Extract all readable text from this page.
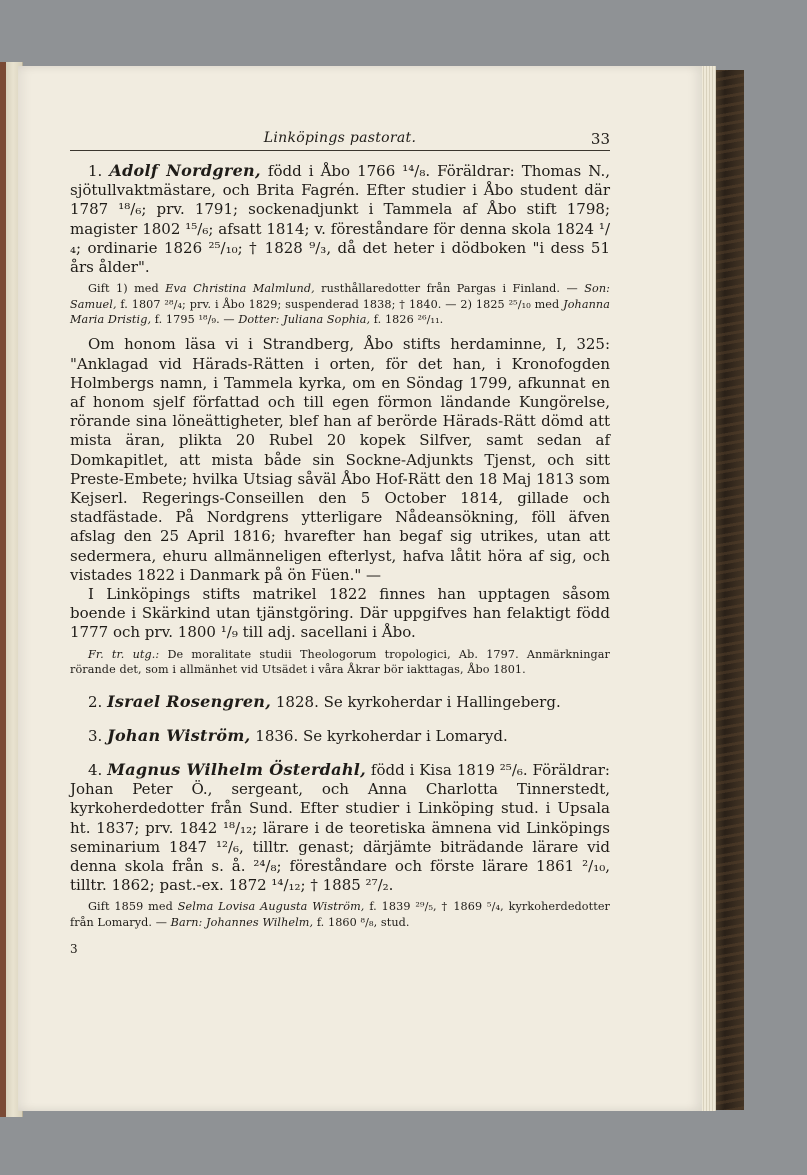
Linköpings pastorat.	33

1. Adolf Nordgren, född i Åbo 1766 ¹⁴/₈. Föräldrar: Thomas N., sjötullvaktmästare, och Brita Fagrén. Efter studier i Åbo student där 1787 ¹⁸/₆; prv. 1791; sockenadjunkt i Tammela af Åbo stift 1798; magister 1802 ¹⁵/₆; afsatt 1814; v. föreståndare för denna skola 1824 ¹/₄; ordinarie 1826 ²⁵/₁₀; † 1828 ⁹/₃, då det heter i dödboken "i dess 51 års ålder".

Gift 1) med Eva Christina Malmlund, rusthållaredotter från Pargas i Finland. — Son: Samuel, f. 1807 ²⁸/₄; prv. i Åbo 1829; suspenderad 1838; † 1840. — 2) 1825 ²⁵/₁₀ med Johanna Maria Dristig, f. 1795 ¹⁸/₉. — Dotter: Juliana Sophia, f. 1826 ²⁶/₁₁.

Om honom läsa vi i Strandberg, Åbo stifts herdaminne, I, 325: "Anklagad vid Härads-Rätten i orten, för det han, i Kronofogden Holmbergs namn, i Tammela kyrka, om en Söndag 1799, afkunnat en af honom sjelf författad och till egen förmon ländande Kungörelse, rörande sina löneättigheter, blef han af berörde Härads-Rätt dömd att mista äran, plikta 20 Rubel 20 kopek Silfver, samt sedan af Domkapitlet, att mista både sin Sockne-Adjunkts Tjenst, och sitt Preste-Embete; hvilka Utsiag såväl Åbo Hof-Rätt den 18 Maj 1813 som Kejserl. Regerings-Conseillen den 5 October 1814, gillade och stadfästade. På Nordgrens ytterligare Nådeansökning, föll äfven afslag den 25 April 1816; hvarefter han begaf sig utrikes, utan att sedermera, ehuru allmänneligen efterlyst, hafva låtit höra af sig, och vistades 1822 i Danmark på ön Füen." —

I Linköpings stifts matrikel 1822 finnes han upptagen såsom boende i Skärkind utan tjänstgöring. Där uppgifves han felaktigt född 1777 och prv. 1800 ¹/₉ till adj. sacellani i Åbo.

Fr. tr. utg.: De moralitate studii Theologorum tropologici, Ab. 1797. Anmärkningar rörande det, som i allmänhet vid Utsädet i våra Åkrar bör iakttagas, Åbo 1801.

2. Israel Rosengren, 1828. Se kyrkoherdar i Hallingeberg.

3. Johan Wiström, 1836. Se kyrkoherdar i Lomaryd.

4. Magnus Wilhelm Österdahl, född i Kisa 1819 ²⁵/₆. Föräldrar: Johan Peter Ö., sergeant, och Anna Charlotta Tinnerstedt, kyrkoherdedotter från Sund. Efter studier i Linköping stud. i Upsala ht. 1837; prv. 1842 ¹⁸/₁₂; lärare i de teoretiska ämnena vid Linköpings seminarium 1847 ¹²/₆, tilltr. genast; därjämte biträdande lärare vid denna skola från s. å. ²⁴/₈; föreståndare och förste lärare 1861 ²/₁₀, tilltr. 1862; past.-ex. 1872 ¹⁴/₁₂; † 1885 ²⁷/₂.

Gift 1859 med Selma Lovisa Augusta Wiström, f. 1839 ²⁹/₅, † 1869 ⁵/₄, kyrkoherdedotter från Lomaryd. — Barn: Johannes Wilhelm, f. 1860 ⁸/₈, stud.

3
